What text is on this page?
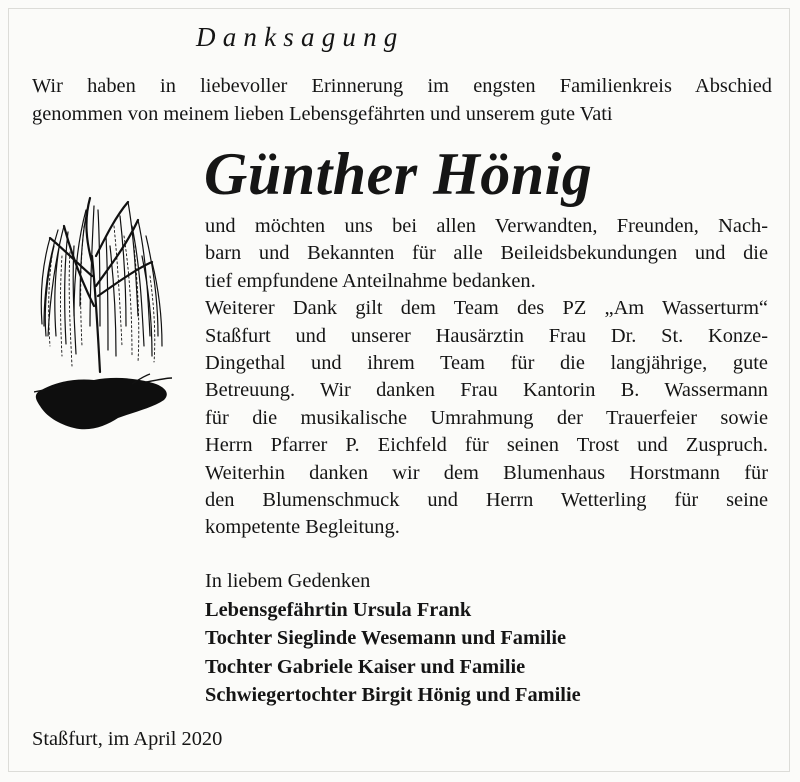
Danksagung
Wir haben in liebevoller Erinnerung im engsten Familienkreis Abschied
genommen von meinem lieben Lebensgefährten und unserem gute Vati
Günther Hönig
und möchten uns bei allen Verwandten, Freunden, Nach-
barn und Bekannten für alle Beileidsbekundungen und die
tief empfundene Anteilnahme bedanken.
Weiterer Dank gilt dem Team des PZ „Am Wasserturm“
Staßfurt und unserer Hausärztin Frau Dr. St. Konze-
Dingethal und ihrem Team für die langjährige, gute
Betreuung. Wir danken Frau Kantorin B. Wassermann
für die musikalische Umrahmung der Trauerfeier sowie
Herrn Pfarrer P. Eichfeld für seinen Trost und Zuspruch.
Weiterhin danken wir dem Blumenhaus Horstmann für
den Blumenschmuck und Herrn Wetterling für seine
kompetente Begleitung.
In liebem Gedenken
Lebensgefährtin Ursula Frank
Tochter Sieglinde Wesemann und Familie
Tochter Gabriele Kaiser und Familie
Schwiegertochter Birgit Hönig und Familie
Staßfurt, im April 2020
